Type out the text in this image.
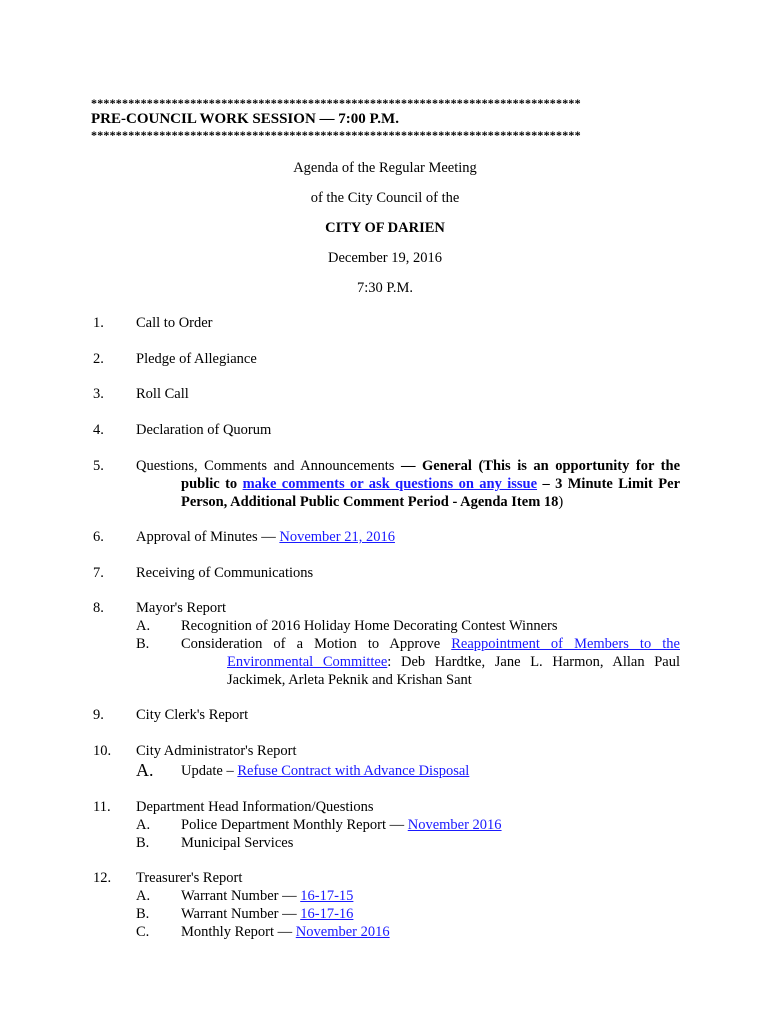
*******************************************************************************
PRE-COUNCIL WORK SESSION — 7:00 P.M.
*******************************************************************************
Agenda of the Regular Meeting
of the City Council of the
CITY OF DARIEN
December 19, 2016
7:30 P.M.
1. Call to Order
2. Pledge of Allegiance
3. Roll Call
4. Declaration of Quorum
5. Questions, Comments and Announcements — General (This is an opportunity for the
public to make comments or ask questions on any issue – 3 Minute Limit Per
Person, Additional Public Comment Period - Agenda Item 18)
6. Approval of Minutes — November 21, 2016
7. Receiving of Communications
8. Mayor's Report
A. Recognition of 2016 Holiday Home Decorating Contest Winners
B. Consideration of a Motion to Approve Reappointment of Members to the
Environmental Committee: Deb Hardtke, Jane L. Harmon, Allan Paul
Jackimek, Arleta Peknik and Krishan Sant
9. City Clerk's Report
10. City Administrator's Report
A. Update – Refuse Contract with Advance Disposal
11. Department Head Information/Questions
A. Police Department Monthly Report — November 2016
B. Municipal Services
12. Treasurer's Report
A. Warrant Number — 16-17-15
B. Warrant Number — 16-17-16
C. Monthly Report — November 2016
